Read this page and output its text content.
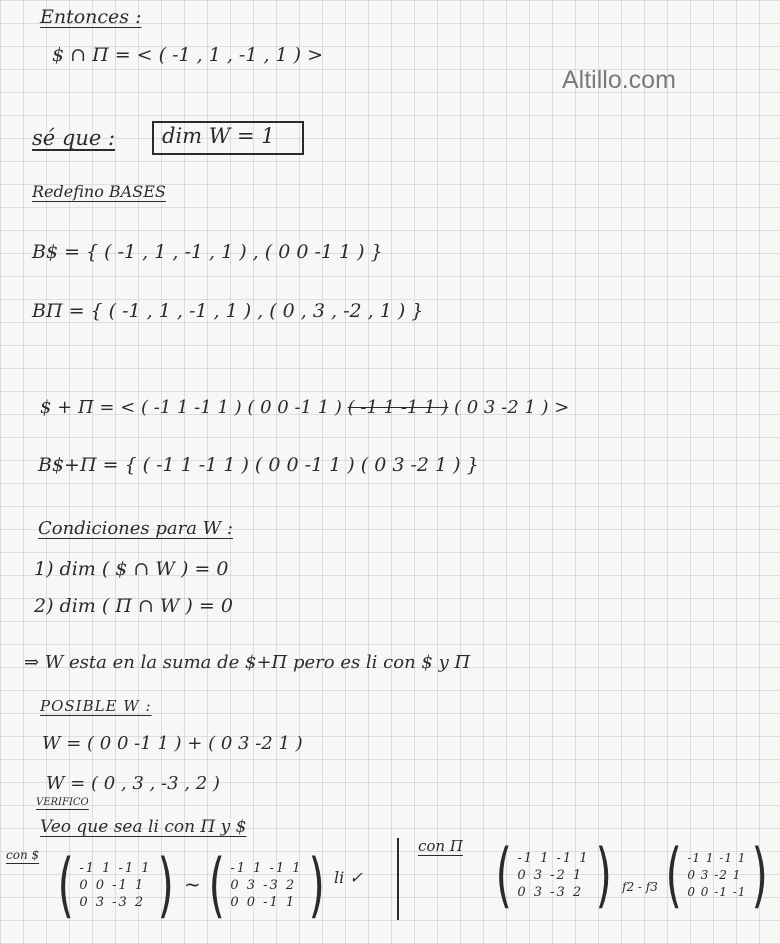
Altillo.com
Entonces :
$ ∩ Π = < ( -1 , 1 , -1 , 1 ) >
sé que : dim W = 1
Redefino BASES
B$ = { ( -1 , 1 , -1 , 1 ) , ( 0 0 -1 1 ) }
BΠ = { ( -1 , 1 , -1 , 1 ) , ( 0 , 3 , -2 , 1 ) }
$ + Π = < ( -1 1 -1 1 ) ( 0 0 -1 1 ) ( -1 1 -1 1 ) ( 0 3 -2 1 ) >
B$+Π = { ( -1 1 -1 1 ) ( 0 0 -1 1 ) ( 0 3 -2 1 ) }
Condiciones para W :
1) dim ( $ ∩ W ) = 0
2) dim ( Π ∩ W ) = 0
⇒ W esta en la suma de $+Π pero es li con $ y Π
POSIBLE W :
W = ( 0 0 -1 1 ) + ( 0 3 -2 1 )
W = ( 0 , 3 , -3 , 2 )
VERIFICO
Veo que sea li con Π y $
con $ ( -1 1 -1 1
0 0 -1 1
0 3 -3 2 ) ~ ( -1 1 -1 1
0 3 -3 2
0 0 -1 1 ) li ✓
con Π ( -1 1 -1 1
0 3 -2 1
0 3 -3 2 ) f2 - f3 ( -1 1 -1 1
0 3 -2 1
0 0 -1 -1 )
